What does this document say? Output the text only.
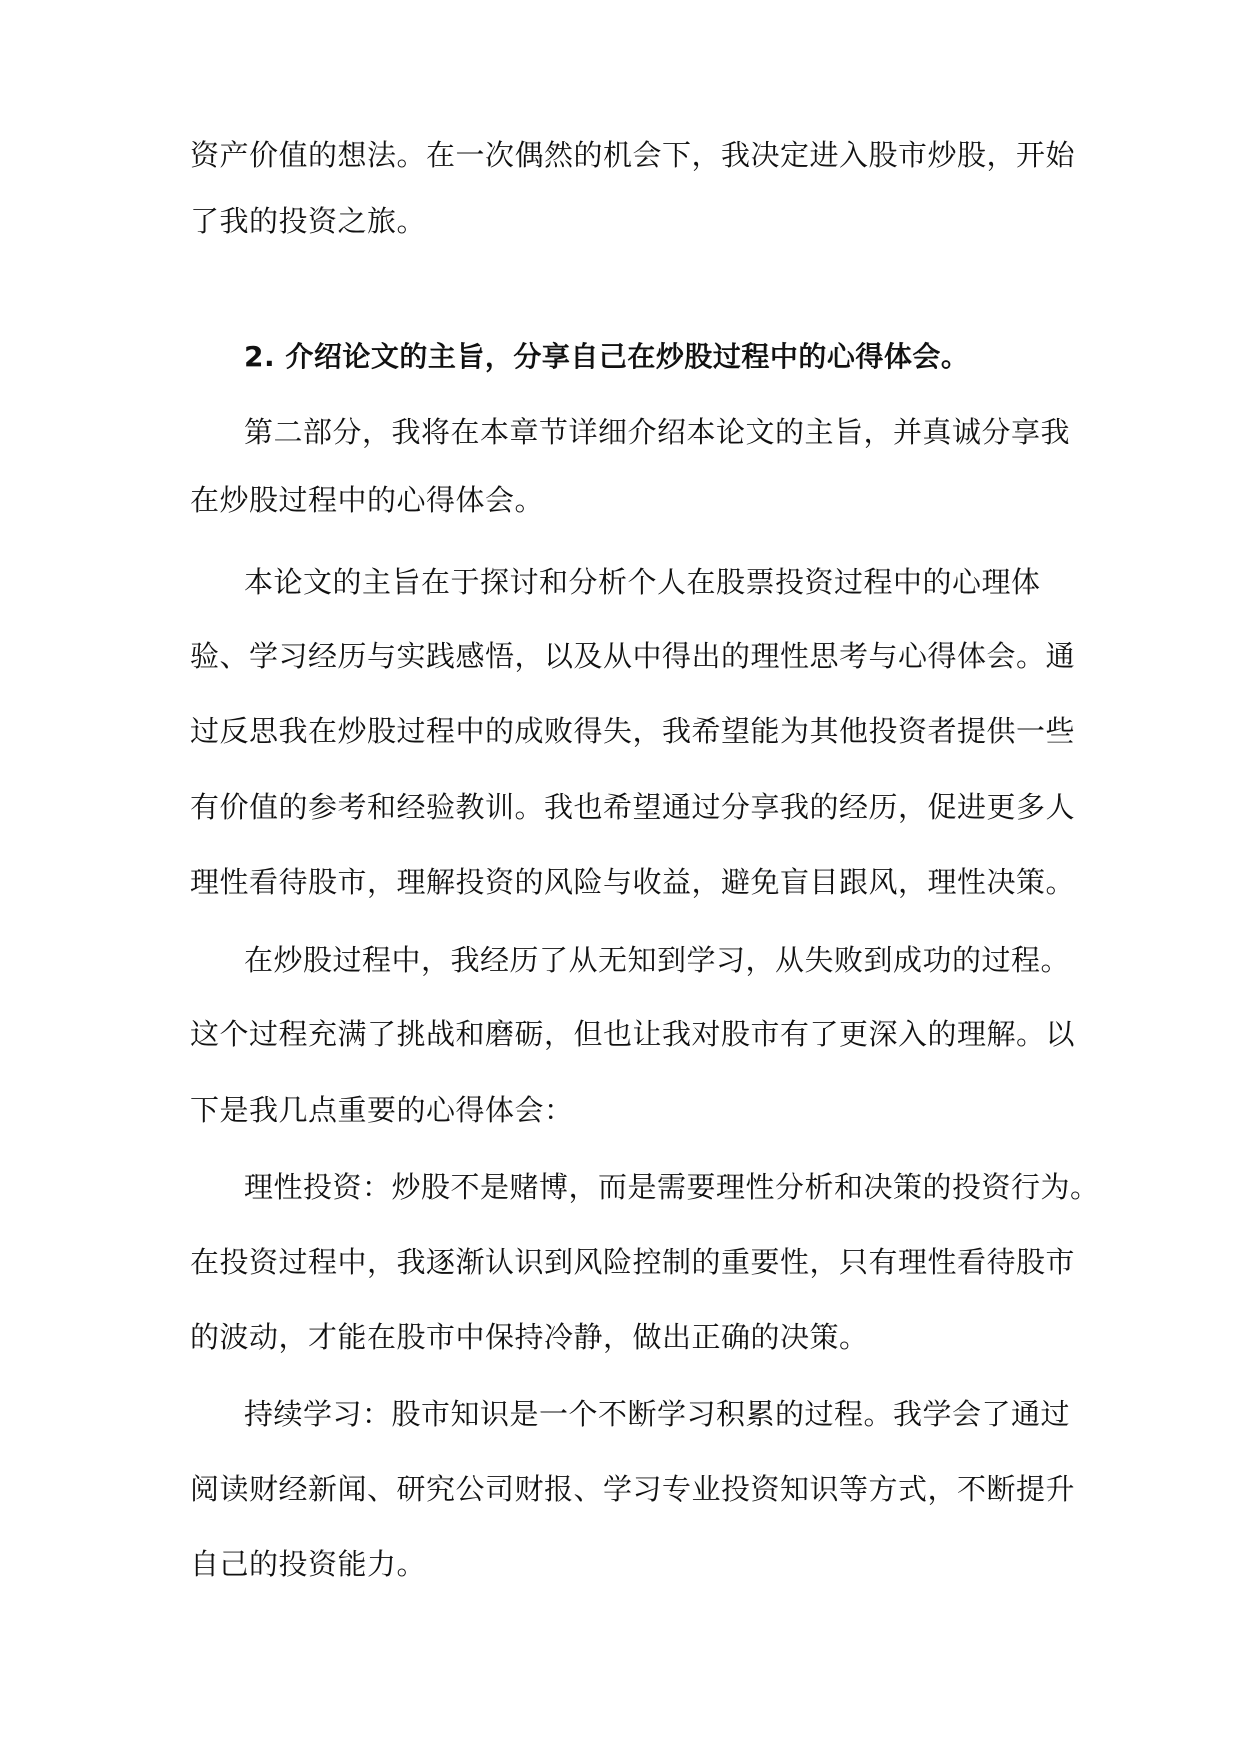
资产价值的想法。在一次偶然的机会下，我决定进入股市炒股，开始
了我的投资之旅。
2. 介绍论文的主旨，分享自己在炒股过程中的心得体会。
第二部分，我将在本章节详细介绍本论文的主旨，并真诚分享我
在炒股过程中的心得体会。
本论文的主旨在于探讨和分析个人在股票投资过程中的心理体
验、学习经历与实践感悟，以及从中得出的理性思考与心得体会。通
过反思我在炒股过程中的成败得失，我希望能为其他投资者提供一些
有价值的参考和经验教训。我也希望通过分享我的经历，促进更多人
理性看待股市，理解投资的风险与收益，避免盲目跟风，理性决策。
在炒股过程中，我经历了从无知到学习，从失败到成功的过程。
这个过程充满了挑战和磨砺，但也让我对股市有了更深入的理解。以
下是我几点重要的心得体会：
理性投资：炒股不是赌博，而是需要理性分析和决策的投资行为。
在投资过程中，我逐渐认识到风险控制的重要性，只有理性看待股市
的波动，才能在股市中保持冷静，做出正确的决策。
持续学习：股市知识是一个不断学习积累的过程。我学会了通过
阅读财经新闻、研究公司财报、学习专业投资知识等方式，不断提升
自己的投资能力。
